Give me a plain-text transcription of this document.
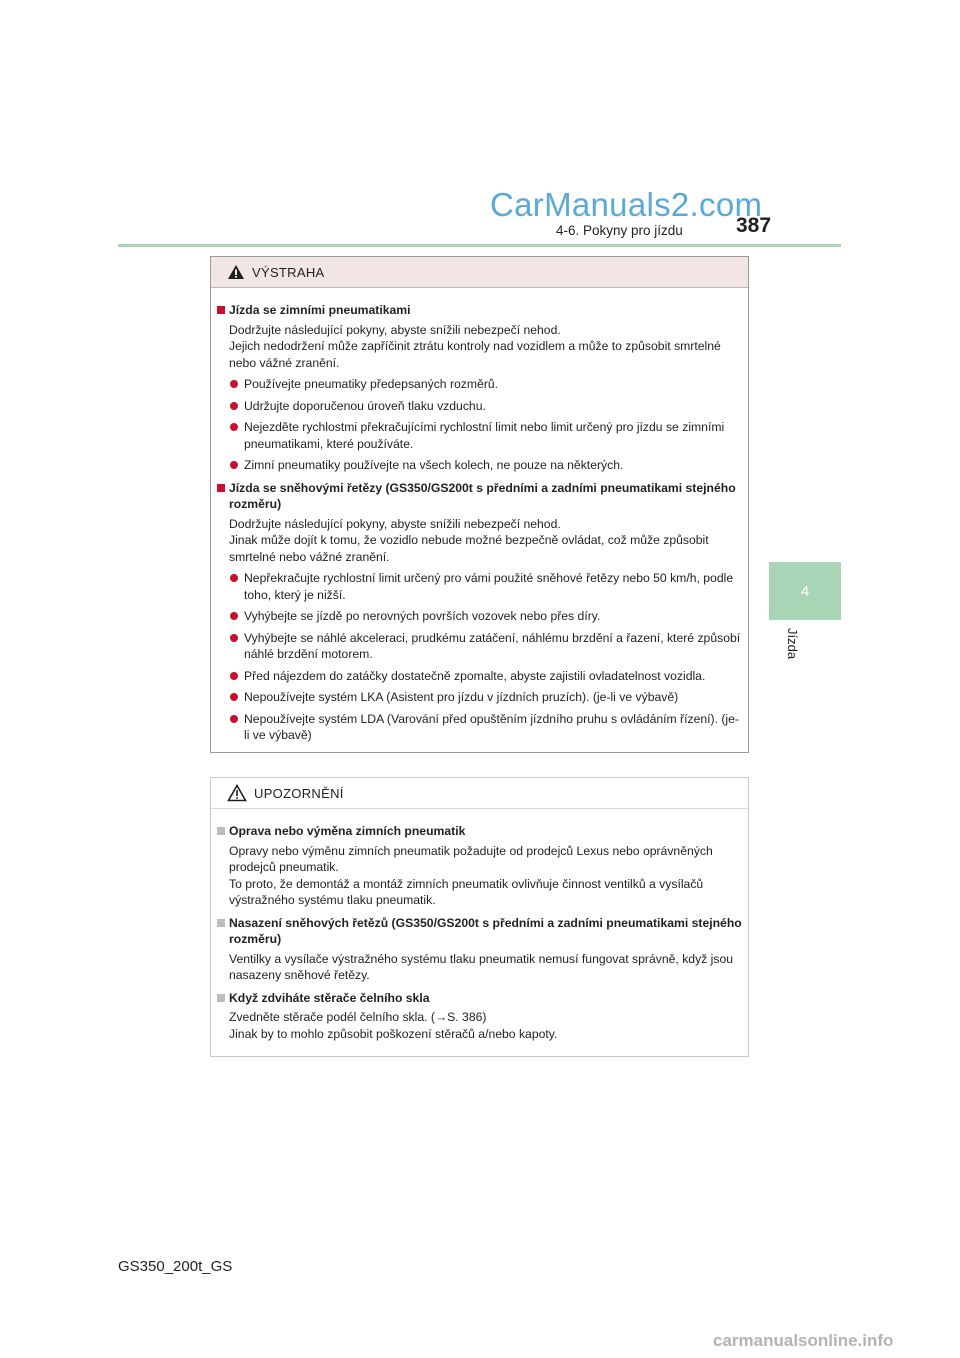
CarManuals2.com
4-6. Pokyny pro jízdu	387
4
Jízda
VÝSTRAHA
Jízda se zimními pneumatikami
Dodržujte následující pokyny, abyste snížili nebezpečí nehod.
Jejich nedodržení může zapříčinit ztrátu kontroly nad vozidlem a může to způsobit smrtelné nebo vážné zranění.
Používejte pneumatiky předepsaných rozměrů.
Udržujte doporučenou úroveň tlaku vzduchu.
Nejezděte rychlostmi překračujícími rychlostní limit nebo limit určený pro jízdu se zimními pneumatikami, které používáte.
Zimní pneumatiky používejte na všech kolech, ne pouze na některých.
Jízda se sněhovými řetězy (GS350/GS200t s předními a zadními pneumatikami stejného rozměru)
Dodržujte následující pokyny, abyste snížili nebezpečí nehod.
Jinak může dojít k tomu, že vozidlo nebude možné bezpečně ovládat, což může způsobit smrtelné nebo vážné zranění.
Nepřekračujte rychlostní limit určený pro vámi použité sněhové řetězy nebo 50 km/h, podle toho, který je nižší.
Vyhýbejte se jízdě po nerovných površích vozovek nebo přes díry.
Vyhýbejte se náhlé akceleraci, prudkému zatáčení, náhlému brzdění a řazení, které způsobí náhlé brzdění motorem.
Před nájezdem do zatáčky dostatečně zpomalte, abyste zajistili ovladatelnost vozidla.
Nepoužívejte systém LKA (Asistent pro jízdu v jízdních pruzích). (je-li ve výbavě)
Nepoužívejte systém LDA (Varování před opuštěním jízdního pruhu s ovládáním řízení). (je-li ve výbavě)
UPOZORNĚNÍ
Oprava nebo výměna zimních pneumatik
Opravy nebo výměnu zimních pneumatik požadujte od prodejců Lexus nebo oprávněných prodejců pneumatik.
To proto, že demontáž a montáž zimních pneumatik ovlivňuje činnost ventilků a vysílačů výstražného systému tlaku pneumatik.
Nasazení sněhových řetězů (GS350/GS200t s předními a zadními pneumatikami stejného rozměru)
Ventilky a vysílače výstražného systému tlaku pneumatik nemusí fungovat správně, když jsou nasazeny sněhové řetězy.
Když zdviháte stěrače čelního skla
Zvedněte stěrače podél čelního skla. (→S. 386)
Jinak by to mohlo způsobit poškození stěračů a/nebo kapoty.
GS350_200t_GS
carmanualsonline.info
